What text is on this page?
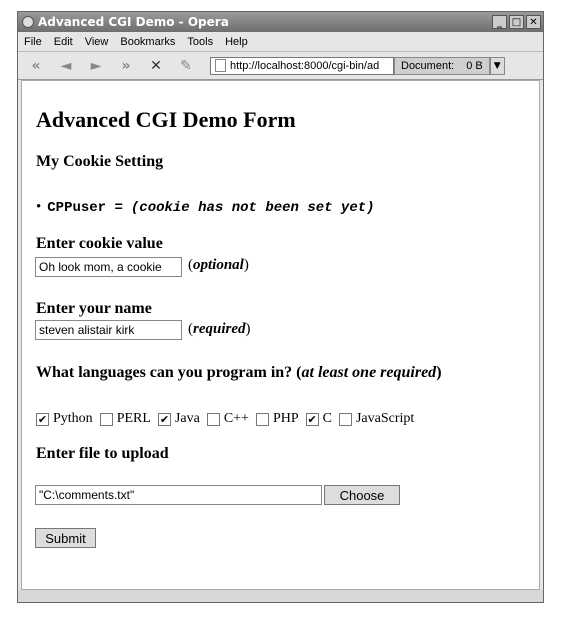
Advanced CGI Demo - Opera	_ □ ✕
File Edit View Bookmarks Tools Help
«	◄	►	»	✕ ✎	http://localhost:8000/cgi-bin/ad Document: 0 B	▼
Advanced CGI Demo Form
My Cookie Setting
• CPPuser = (cookie has not been set yet)
Enter cookie value
Oh look mom, a cookie	(optional)
Enter your name
steven alistair kirk	(required)
What languages can you program in? (at least one required)
✔ Python PERL ✔ Java C++ PHP ✔ C JavaScript
Enter file to upload
"C:\comments.txt"	Choose
Submit
